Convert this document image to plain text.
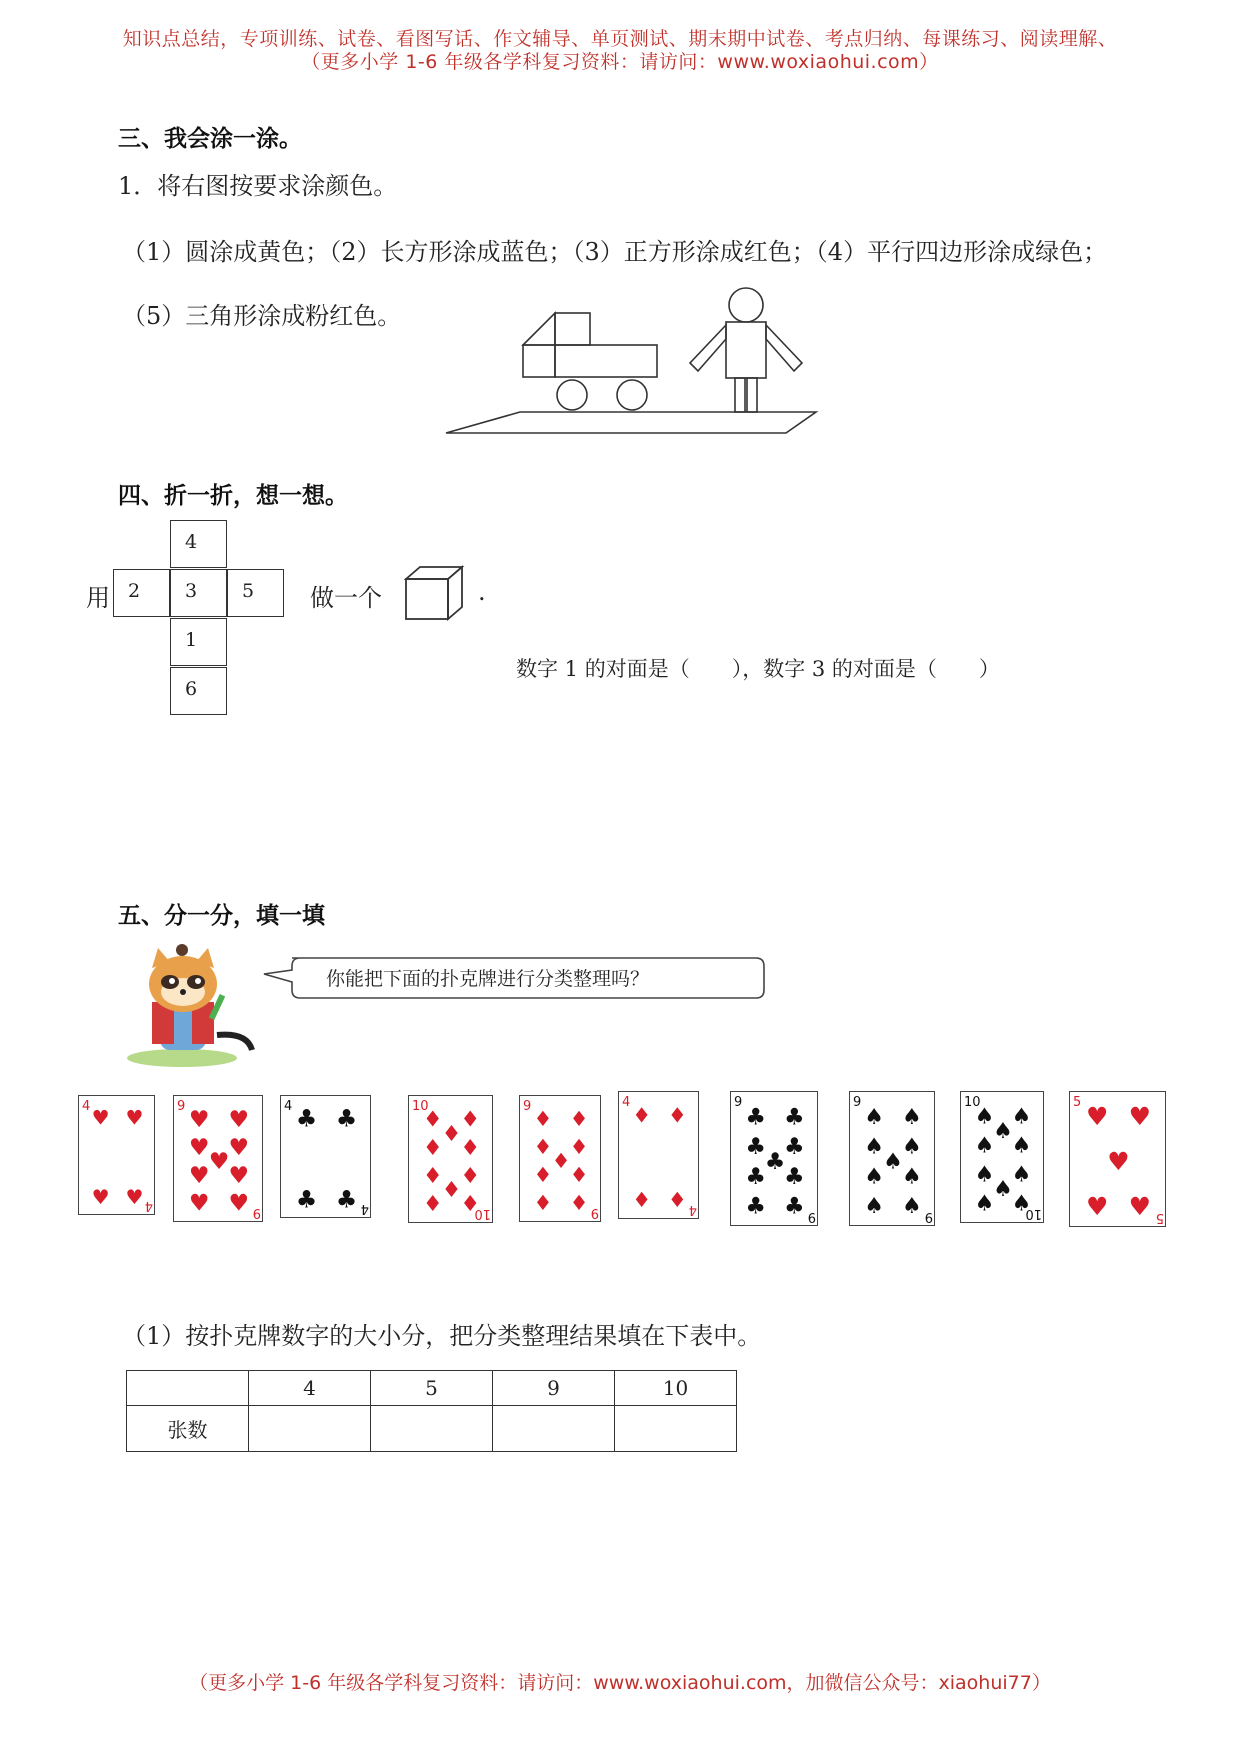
知识点总结，专项训练、试卷、看图写话、作文辅导、单页测试、期末期中试卷、考点归纳、每课练习、阅读理解、
（更多小学 1-6 年级各学科复习资料：请访问：www.woxiaohui.com）
三、我会涂一涂。
1．将右图按要求涂颜色。
（1）圆涂成黄色；（2）长方形涂成蓝色；（3）正方形涂成红色；（4）平行四边形涂成绿色；
（5）三角形涂成粉红色。
四、折一折，想一想。
用
4
2	3	5
1
6
做一个	.
数字 1 的对面是（　　），数字 3 的对面是（　　）
五、分一分，填一填
你能把下面的扑克牌进行分类整理吗？
4
4
♥ ♥
♥ ♥
9
9
♥ ♥
♥ ♥
♥
♥ ♥
♥ ♥
4
4
♣ ♣
♣ ♣
10
10
♦ ♦
♦
♦ ♦
♦ ♦
♦
♦ ♦
9
9
♦ ♦
♦ ♦
♦
♦ ♦
♦ ♦
4
4
♦ ♦
♦ ♦
9
9
♣ ♣
♣ ♣
♣
♣ ♣
♣ ♣
9
9
♠ ♠
♠ ♠
♠
♠ ♠
♠ ♠
10
10
♠ ♠
♠
♠ ♠
♠ ♠
♠
♠ ♠
5
5
♥ ♥
♥
♥ ♥
（1）按扑克牌数字的大小分，把分类整理结果填在下表中。
	4	5	9	10
张数				
（更多小学 1-6 年级各学科复习资料：请访问：www.woxiaohui.com，加微信公众号：xiaohui77）
